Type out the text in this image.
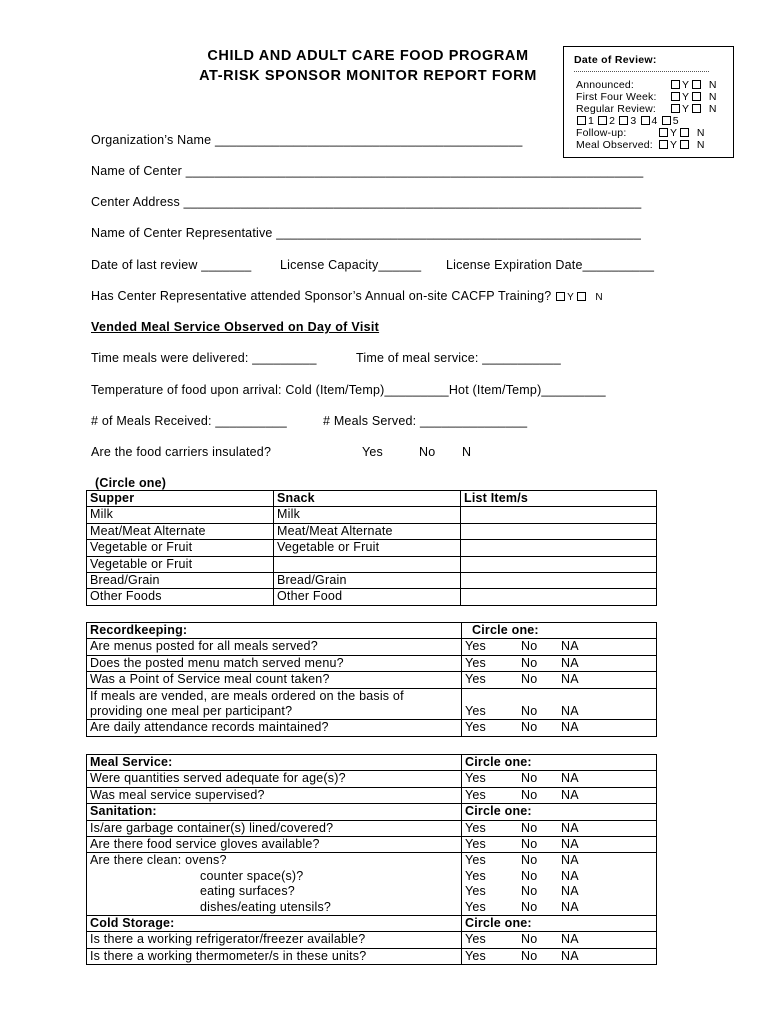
CHILD AND ADULT CARE FOOD PROGRAM
AT-RISK SPONSOR MONITOR REPORT FORM
Date of Review:
Announced:	Y N
First Four Week:	Y N
Regular Review:	Y N
1 2 3 4 5
Follow-up:	Y N
Meal Observed:	Y N
Organization’s Name ___________________________________________
Name of Center ________________________________________________________________
Center Address ________________________________________________________________
Name of Center Representative ___________________________________________________
Date of last review _______ License Capacity______ License Expiration Date__________
Has Center Representative attended Sponsor’s Annual on-site CACFP Training? Y N
Vended Meal Service Observed on Day of Visit
Time meals were delivered: _________	Time of meal service: ___________
Temperature of food upon arrival: Cold (Item/Temp)_________Hot (Item/Temp)_________
# of Meals Received: __________	# Meals Served: _______________
Are the food carriers insulated?	Yes	No N
(Circle one)
Supper	Snack	List Item/s
Milk	Milk	
Meat/Meat Alternate	Meat/Meat Alternate	
Vegetable or Fruit	Vegetable or Fruit	
Vegetable or Fruit		
Bread/Grain	Bread/Grain	
Other Foods	Other Food	
Recordkeeping:	Circle one:		
Are menus posted for all meals served?	Yes	No	NA
Does the posted menu match served menu?	Yes	No	NA
Was a Point of Service meal count taken?	Yes	No	NA
If meals are vended, are meals ordered on the basis of			
providing one meal per participant?	Yes	No	NA
Are daily attendance records maintained?	Yes	No	NA
Meal Service:	Circle one:		
Were quantities served adequate for age(s)?	Yes	No	NA
Was meal service supervised?	Yes	No	NA
Sanitation:	Circle one:		
Is/are garbage container(s) lined/covered?	Yes	No	NA
Are there food service gloves available?	Yes	No	NA
Are there clean: ovens?	Yes	No	NA
counter space(s)?	Yes	No	NA
eating surfaces?	Yes	No	NA
dishes/eating utensils?	Yes	No	NA
Cold Storage:	Circle one:		
Is there a working refrigerator/freezer available?	Yes	No	NA
Is there a working thermometer/s in these units?	Yes	No	NA
